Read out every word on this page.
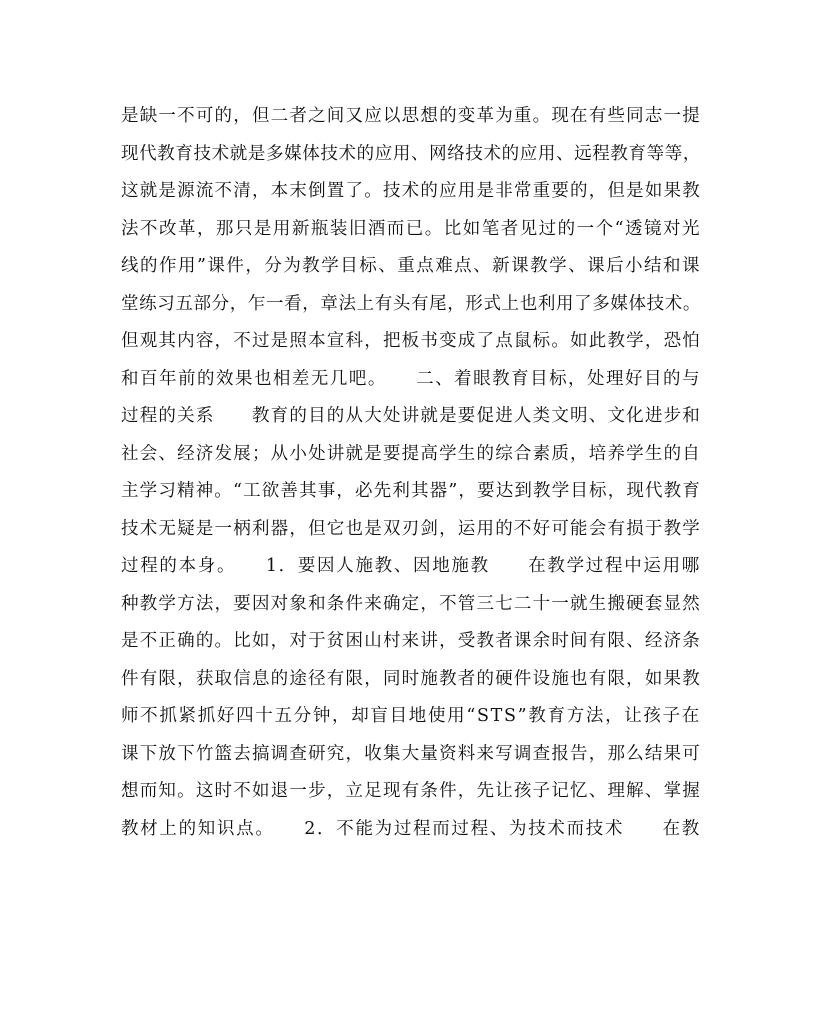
是缺一不可的，但二者之间又应以思想的变革为重。现在有些同志一提
现代教育技术就是多媒体技术的应用、网络技术的应用、远程教育等等，
这就是源流不清，本末倒置了。技术的应用是非常重要的，但是如果教
法不改革，那只是用新瓶装旧酒而已。比如笔者见过的一个“透镜对光
线的作用”课件，分为教学目标、重点难点、新课教学、课后小结和课
堂练习五部分，乍一看，章法上有头有尾，形式上也利用了多媒体技术。
但观其内容，不过是照本宣科，把板书变成了点鼠标。如此教学，恐怕
和百年前的效果也相差无几吧。　　二、着眼教育目标，处理好目的与
过程的关系　　教育的目的从大处讲就是要促进人类文明、文化进步和
社会、经济发展；从小处讲就是要提高学生的综合素质，培养学生的自
主学习精神。“工欲善其事，必先利其器”，要达到教学目标，现代教育
技术无疑是一柄利器，但它也是双刃剑，运用的不好可能会有损于教学
过程的本身。　　1．要因人施教、因地施教　　在教学过程中运用哪
种教学方法，要因对象和条件来确定，不管三七二十一就生搬硬套显然
是不正确的。比如，对于贫困山村来讲，受教者课余时间有限、经济条
件有限，获取信息的途径有限，同时施教者的硬件设施也有限，如果教
师不抓紧抓好四十五分钟，却盲目地使用“STS”教育方法，让孩子在
课下放下竹篮去搞调查研究，收集大量资料来写调查报告，那么结果可
想而知。这时不如退一步，立足现有条件，先让孩子记忆、理解、掌握
教材上的知识点。　　2．不能为过程而过程、为技术而技术　　在教
